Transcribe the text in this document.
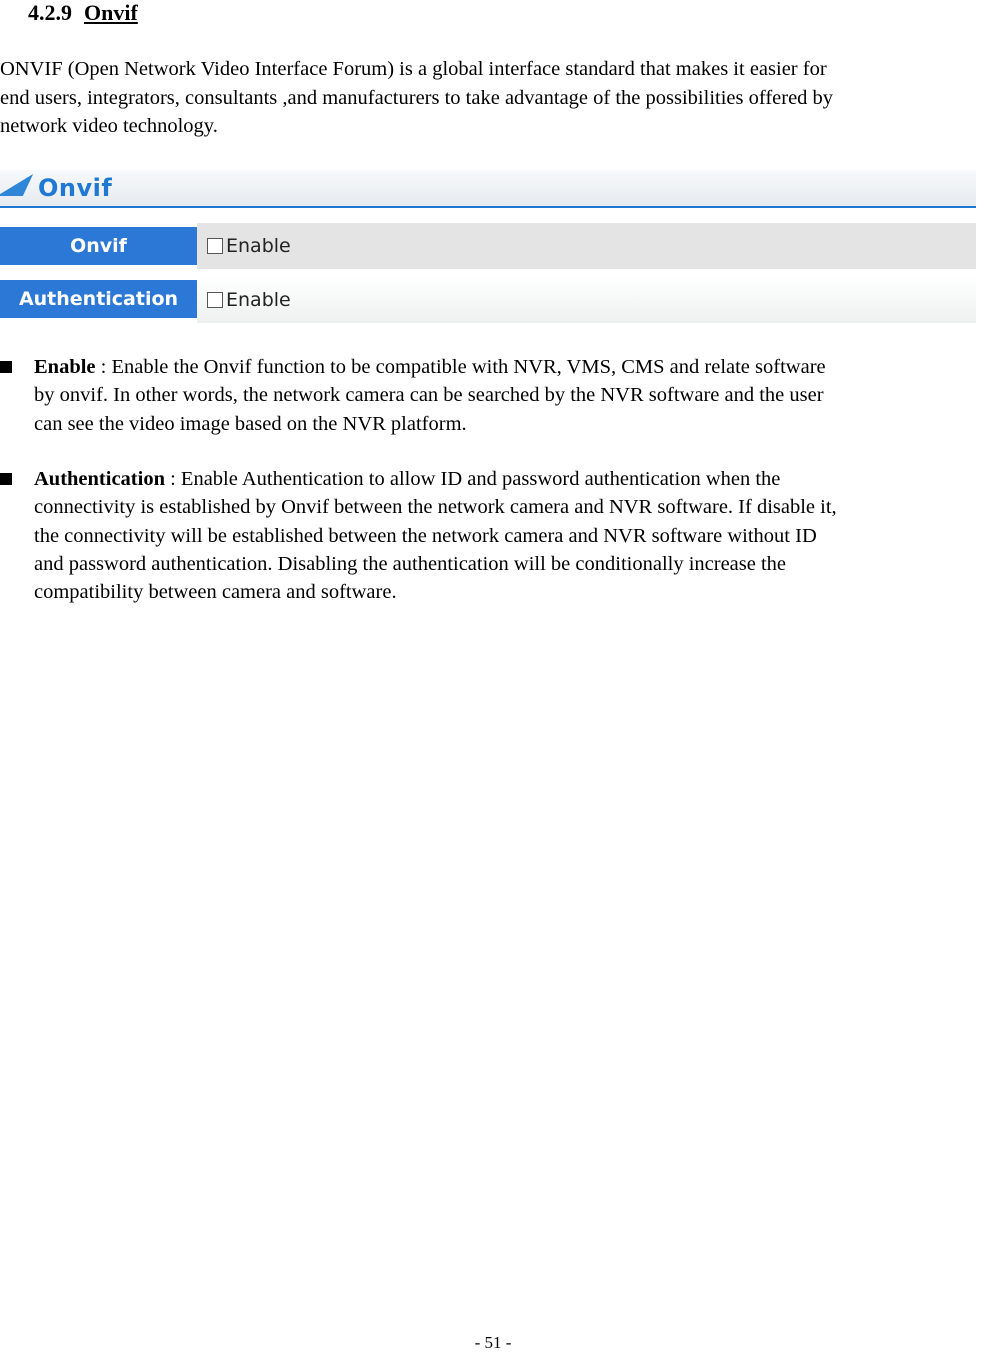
4.2.9 Onvif
ONVIF (Open Network Video Interface Forum) is a global interface standard that makes it easier for
end users, integrators, consultants ,and manufacturers to take advantage of the possibilities offered by
network video technology.
Onvif
Enable
Onvif
Enable
Authentication
Enable : Enable the Onvif function to be compatible with NVR, VMS, CMS and relate software
by onvif. In other words, the network camera can be searched by the NVR software and the user
can see the video image based on the NVR platform.
Authentication : Enable Authentication to allow ID and password authentication when the
connectivity is established by Onvif between the network camera and NVR software. If disable it,
the connectivity will be established between the network camera and NVR software without ID
and password authentication. Disabling the authentication will be conditionally increase the
compatibility between camera and software.
- 51 -
